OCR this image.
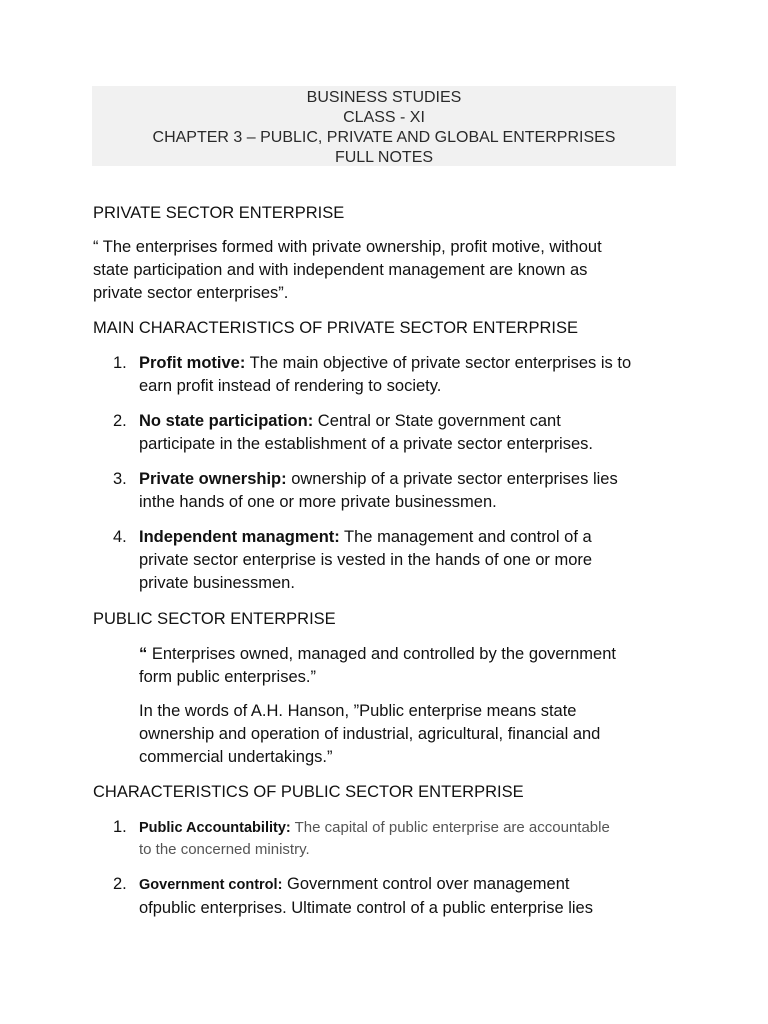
BUSINESS STUDIES
CLASS - XI
CHAPTER 3 – PUBLIC, PRIVATE AND GLOBAL ENTERPRISES
FULL NOTES
PRIVATE SECTOR ENTERPRISE
“ The enterprises formed with private ownership, profit motive, without
state participation and with independent management are known as
private sector enterprises”.
MAIN CHARACTERISTICS OF PRIVATE SECTOR ENTERPRISE
1. Profit motive: The main objective of private sector enterprises is to
earn profit instead of rendering to society.
2. No state participation: Central or State government cant
participate in the establishment of a private sector enterprises.
3. Private ownership: ownership of a private sector enterprises lies
inthe hands of one or more private businessmen.
4. Independent managment: The management and control of a
private sector enterprise is vested in the hands of one or more
private businessmen.
PUBLIC SECTOR ENTERPRISE
“ Enterprises owned, managed and controlled by the government
form public enterprises.”
In the words of A.H. Hanson, ”Public enterprise means state
ownership and operation of industrial, agricultural, financial and
commercial undertakings.”
CHARACTERISTICS OF PUBLIC SECTOR ENTERPRISE
1. Public Accountability: The capital of public enterprise are accountable
to the concerned ministry.
2. Government control: Government control over management
ofpublic enterprises. Ultimate control of a public enterprise lies
